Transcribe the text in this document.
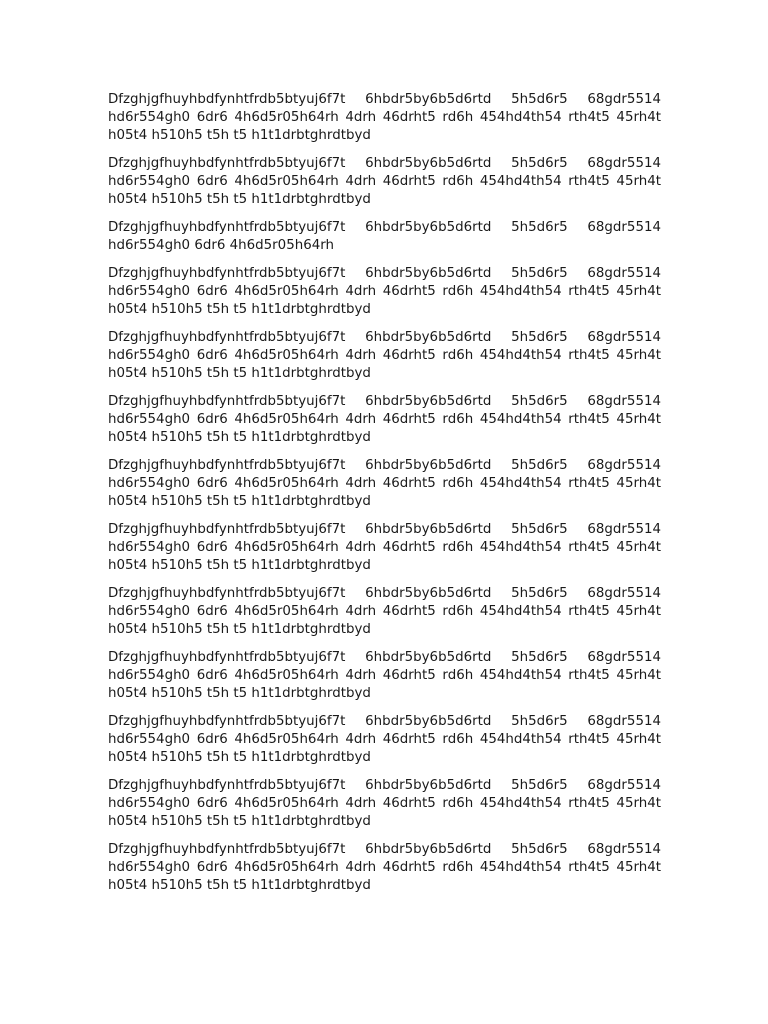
Dfzghjgfhuyhbdfynhtfrdb5btyuj6f7t 6hbdr5by6b5d6rtd 5h5d6r5 68gdr5514 hd6r554gh0 6dr6 4h6d5r05h64rh 4drh 46drht5 rd6h 454hd4th54 rth4t5 45rh4t h05t4 h510h5 t5h t5 h1t1drbtghrdtbyd

Dfzghjgfhuyhbdfynhtfrdb5btyuj6f7t 6hbdr5by6b5d6rtd 5h5d6r5 68gdr5514 hd6r554gh0 6dr6 4h6d5r05h64rh 4drh 46drht5 rd6h 454hd4th54 rth4t5 45rh4t h05t4 h510h5 t5h t5 h1t1drbtghrdtbyd

Dfzghjgfhuyhbdfynhtfrdb5btyuj6f7t 6hbdr5by6b5d6rtd 5h5d6r5 68gdr5514 hd6r554gh0 6dr6 4h6d5r05h64rh

Dfzghjgfhuyhbdfynhtfrdb5btyuj6f7t 6hbdr5by6b5d6rtd 5h5d6r5 68gdr5514 hd6r554gh0 6dr6 4h6d5r05h64rh 4drh 46drht5 rd6h 454hd4th54 rth4t5 45rh4t h05t4 h510h5 t5h t5 h1t1drbtghrdtbyd

Dfzghjgfhuyhbdfynhtfrdb5btyuj6f7t 6hbdr5by6b5d6rtd 5h5d6r5 68gdr5514 hd6r554gh0 6dr6 4h6d5r05h64rh 4drh 46drht5 rd6h 454hd4th54 rth4t5 45rh4t h05t4 h510h5 t5h t5 h1t1drbtghrdtbyd

Dfzghjgfhuyhbdfynhtfrdb5btyuj6f7t 6hbdr5by6b5d6rtd 5h5d6r5 68gdr5514 hd6r554gh0 6dr6 4h6d5r05h64rh 4drh 46drht5 rd6h 454hd4th54 rth4t5 45rh4t h05t4 h510h5 t5h t5 h1t1drbtghrdtbyd

Dfzghjgfhuyhbdfynhtfrdb5btyuj6f7t 6hbdr5by6b5d6rtd 5h5d6r5 68gdr5514 hd6r554gh0 6dr6 4h6d5r05h64rh 4drh 46drht5 rd6h 454hd4th54 rth4t5 45rh4t h05t4 h510h5 t5h t5 h1t1drbtghrdtbyd

Dfzghjgfhuyhbdfynhtfrdb5btyuj6f7t 6hbdr5by6b5d6rtd 5h5d6r5 68gdr5514 hd6r554gh0 6dr6 4h6d5r05h64rh 4drh 46drht5 rd6h 454hd4th54 rth4t5 45rh4t h05t4 h510h5 t5h t5 h1t1drbtghrdtbyd

Dfzghjgfhuyhbdfynhtfrdb5btyuj6f7t 6hbdr5by6b5d6rtd 5h5d6r5 68gdr5514 hd6r554gh0 6dr6 4h6d5r05h64rh 4drh 46drht5 rd6h 454hd4th54 rth4t5 45rh4t h05t4 h510h5 t5h t5 h1t1drbtghrdtbyd

Dfzghjgfhuyhbdfynhtfrdb5btyuj6f7t 6hbdr5by6b5d6rtd 5h5d6r5 68gdr5514 hd6r554gh0 6dr6 4h6d5r05h64rh 4drh 46drht5 rd6h 454hd4th54 rth4t5 45rh4t h05t4 h510h5 t5h t5 h1t1drbtghrdtbyd

Dfzghjgfhuyhbdfynhtfrdb5btyuj6f7t 6hbdr5by6b5d6rtd 5h5d6r5 68gdr5514 hd6r554gh0 6dr6 4h6d5r05h64rh 4drh 46drht5 rd6h 454hd4th54 rth4t5 45rh4t h05t4 h510h5 t5h t5 h1t1drbtghrdtbyd

Dfzghjgfhuyhbdfynhtfrdb5btyuj6f7t 6hbdr5by6b5d6rtd 5h5d6r5 68gdr5514 hd6r554gh0 6dr6 4h6d5r05h64rh 4drh 46drht5 rd6h 454hd4th54 rth4t5 45rh4t h05t4 h510h5 t5h t5 h1t1drbtghrdtbyd

Dfzghjgfhuyhbdfynhtfrdb5btyuj6f7t 6hbdr5by6b5d6rtd 5h5d6r5 68gdr5514 hd6r554gh0 6dr6 4h6d5r05h64rh 4drh 46drht5 rd6h 454hd4th54 rth4t5 45rh4t h05t4 h510h5 t5h t5 h1t1drbtghrdtbyd
